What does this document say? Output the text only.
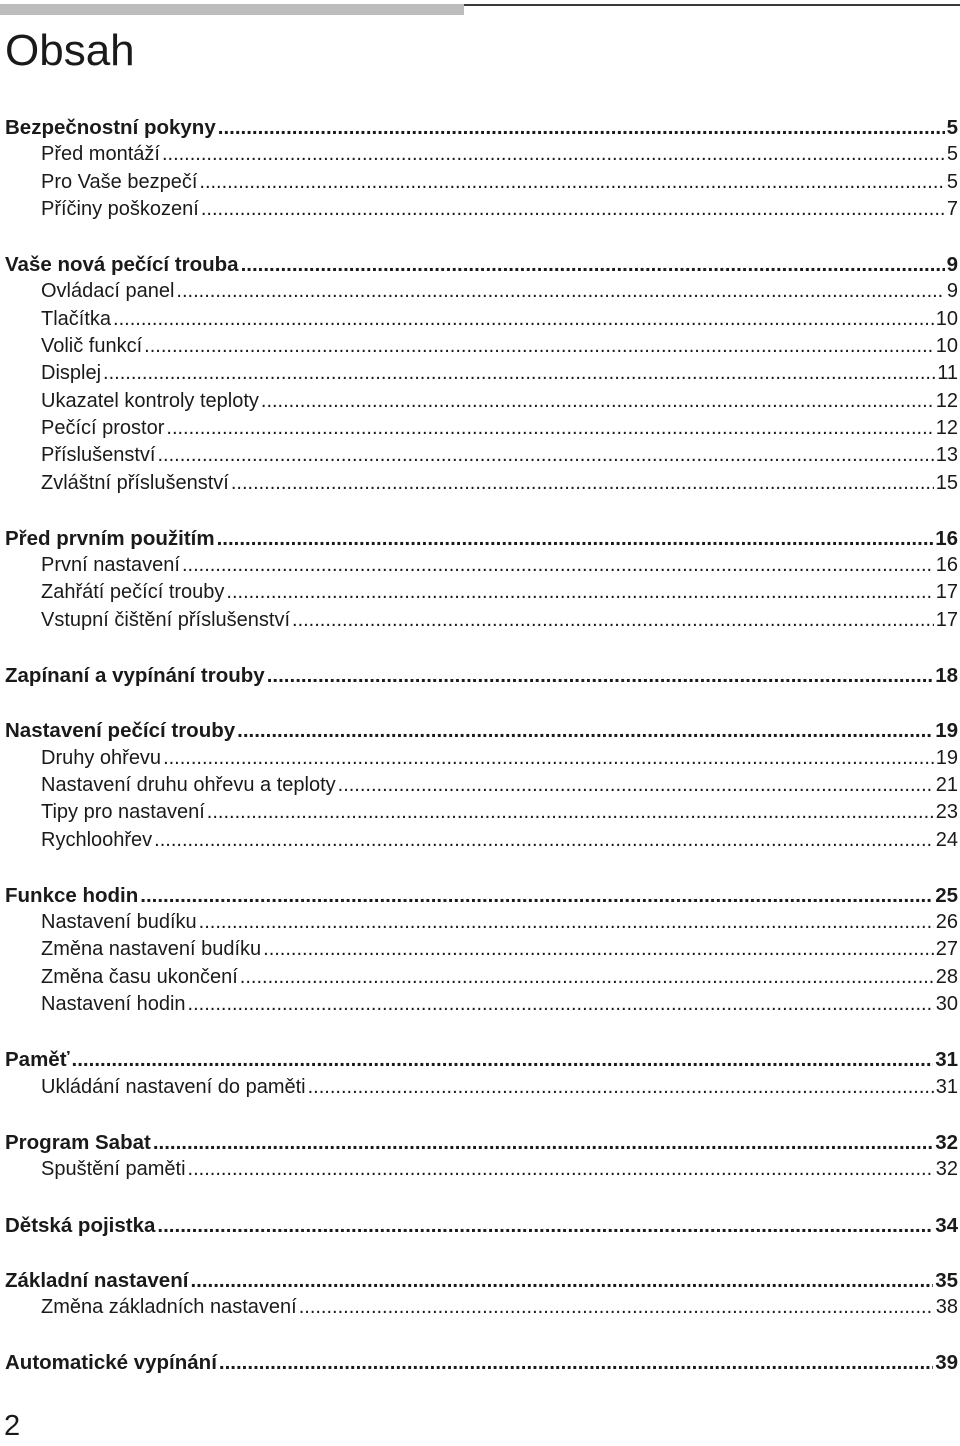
Obsah
Bezpečnostní pokyny .....	5
Před montáží .....	5
Pro Vaše bezpečí .....	5
Příčiny poškození .....	7
Vaše nová pečící trouba .....	9
Ovládací panel .....	9
Tlačítka .....	10
Volič funkcí .....	10
Displej .....	11
Ukazatel kontroly teploty .....	12
Pečící prostor .....	12
Příslušenství .....	13
Zvláštní příslušenství .....	15
Před prvním použitím .....	16
První nastavení .....	16
Zahřátí pečící trouby .....	17
Vstupní čištění příslušenství .....	17
Zapínaní a vypínání trouby .....	18
Nastavení pečící trouby .....	19
Druhy ohřevu .....	19
Nastavení druhu ohřevu a teploty .....	21
Tipy pro nastavení .....	23
Rychloohřev .....	24
Funkce hodin .....	25
Nastavení budíku .....	26
Změna nastavení budíku .....	27
Změna času ukončení .....	28
Nastavení hodin .....	30
Paměť .....	31
Ukládání nastavení do paměti .....	31
Program Sabat .....	32
Spuštění paměti .....	32
Dětská pojistka .....	34
Základní nastavení .....	35
Změna základních nastavení .....	38
Automatické vypínání .....	39
2
